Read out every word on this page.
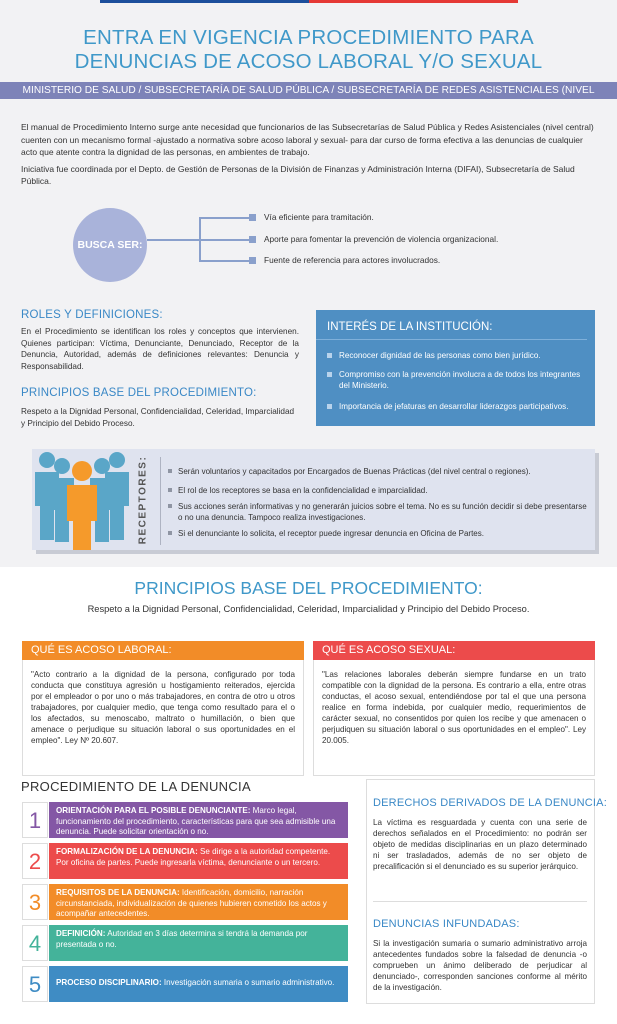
ENTRA EN VIGENCIA PROCEDIMIENTO PARA
DENUNCIAS DE ACOSO LABORAL Y/O SEXUAL
MINISTERIO DE SALUD / SUBSECRETARÍA DE SALUD PÚBLICA / SUBSECRETARÍA DE REDES ASISTENCIALES (NIVEL

El manual de Procedimiento Interno surge ante necesidad que funcionarios de las Subsecretarías de Salud Pública y Redes Asistenciales (nivel central) cuenten con un mecanismo formal -ajustado a normativa sobre acoso laboral y sexual- para dar curso de forma efectiva a las denuncias de cualquier acto que atente contra la dignidad de las personas, en ambientes de trabajo.

Iniciativa fue coordinada por el Depto. de Gestión de Personas de la División de Finanzas y Administración Interna (DIFAI), Subsecretaría de Salud Pública.

BUSCA SER:
Vía eficiente para tramitación.
Aporte para fomentar la prevención de violencia organizacional.
Fuente de referencia para actores involucrados.
ROLES Y DEFINICIONES:
En el Procedimiento se identifican los roles y conceptos que intervienen. Quienes participan: Víctima, Denunciante, Denunciado, Receptor de la Denuncia, Autoridad, además de definiciones relevantes: Denuncia y Responsabilidad.
PRINCIPIOS BASE DEL PROCEDIMIENTO:
Respeto a la Dignidad Personal, Confidencialidad, Celeridad, Imparcialidad y Principio del Debido Proceso.
INTERÉS DE LA INSTITUCIÓN:
Reconocer dignidad de las personas como bien jurídico.
Compromiso con la prevención involucra a de todos los integrantes del Ministerio.
Importancia de jefaturas en desarrollar liderazgos participativos.
RECEPTORES:	Serán voluntarios y capacitados por Encargados de Buenas Prácticas (del nivel central o regiones).
El rol de los receptores se basa en la confidencialidad e imparcialidad.
Sus acciones serán informativas y no generarán juicios sobre el tema. No es su función decidir si debe presentarse o no una denuncia. Tampoco realiza investigaciones.
Si el denunciante lo solicita, el receptor puede ingresar denuncia en Oficina de Partes.
PRINCIPIOS BASE DEL PROCEDIMIENTO:
Respeto a la Dignidad Personal, Confidencialidad, Celeridad, Imparcialidad y Principio del Debido Proceso.
QUÉ ES ACOSO LABORAL:
"Acto contrario a la dignidad de la persona, configurado por toda conducta que constituya agresión u hostigamiento reiterados, ejercida por el empleador o por uno o más trabajadores, en contra de otro u otros trabajadores, por cualquier medio, que tenga como resultado para el o los afectados, su menoscabo, maltrato o humillación, o bien que amenace o perjudique su situación laboral o sus oportunidades en el empleo". Ley Nº 20.607.
QUÉ ES ACOSO SEXUAL:
"Las relaciones laborales deberán siempre fundarse en un trato compatible con la dignidad de la persona. Es contrario a ella, entre otras conductas, el acoso sexual, entendiéndose por tal el que una persona realice en forma indebida, por cualquier medio, requerimientos de carácter sexual, no consentidos por quien los recibe y que amenacen o perjudiquen su situación laboral o sus oportunidades en el empleo". Ley 20.005.
PROCEDIMIENTO DE LA DENUNCIA
1	ORIENTACIÓN PARA EL POSIBLE DENUNCIANTE: Marco legal, funcionamiento del procedimiento, características para que sea admisible una denuncia. Puede solicitar orientación o no.
2	FORMALIZACIÓN DE LA DENUNCIA: Se dirige a la autoridad competente. Por oficina de partes. Puede ingresarla víctima, denunciante o un tercero.
3	REQUISITOS DE LA DENUNCIA: Identificación, domicilio, narración circunstanciada, individualización de quienes hubieren cometido los actos y acompañar antecedentes.
4	DEFINICIÓN: Autoridad en 3 días determina si tendrá la demanda por presentada o no.
5	PROCESO DISCIPLINARIO: Investigación sumaria o sumario administrativo.
DERECHOS DERIVADOS DE LA DENUNCIA:
La víctima es resguardada y cuenta con una serie de derechos señalados en el Procedimiento: no podrán ser objeto de medidas disciplinarias en un plazo determinado ni ser trasladados, además de no ser objeto de precalificación si el denunciado es su superior jerárquico.
DENUNCIAS INFUNDADAS:
Si la investigación sumaria o sumario administrativo arroja antecedentes fundados sobre la falsedad de denuncia -o comprueben un ánimo deliberado de perjudicar al denunciado-, corresponden sanciones conforme al mérito de la investigación.
